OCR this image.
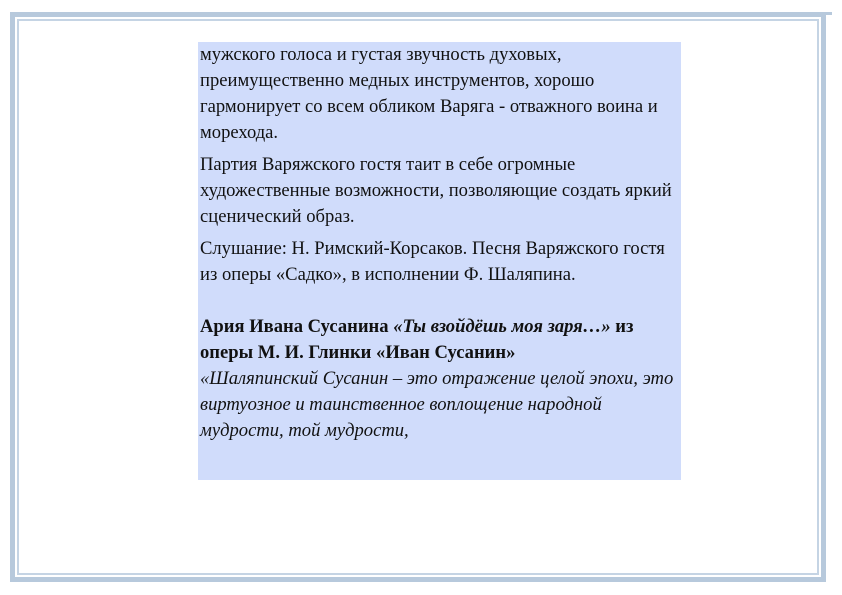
мужского голоса и густая звучность духовых, преимущественно медных инструментов, хорошо гармонирует со всем обликом Варяга - отважного воина и морехода.

Партия Варяжского гостя таит в себе огромные художественные возможности, позволяющие создать яркий сценический образ.

Слушание: Н. Римский-Корсаков. Песня Варяжского гостя из оперы «Садко», в исполнении Ф. Шаляпина.

Ария Ивана Сусанина «Ты взойдёшь моя заря…» из оперы М. И. Глинки «Иван Сусанин»

«Шаляпинский Сусанин – это отражение целой эпохи, это виртуозное и таинственное воплощение народной мудрости, той мудрости,
